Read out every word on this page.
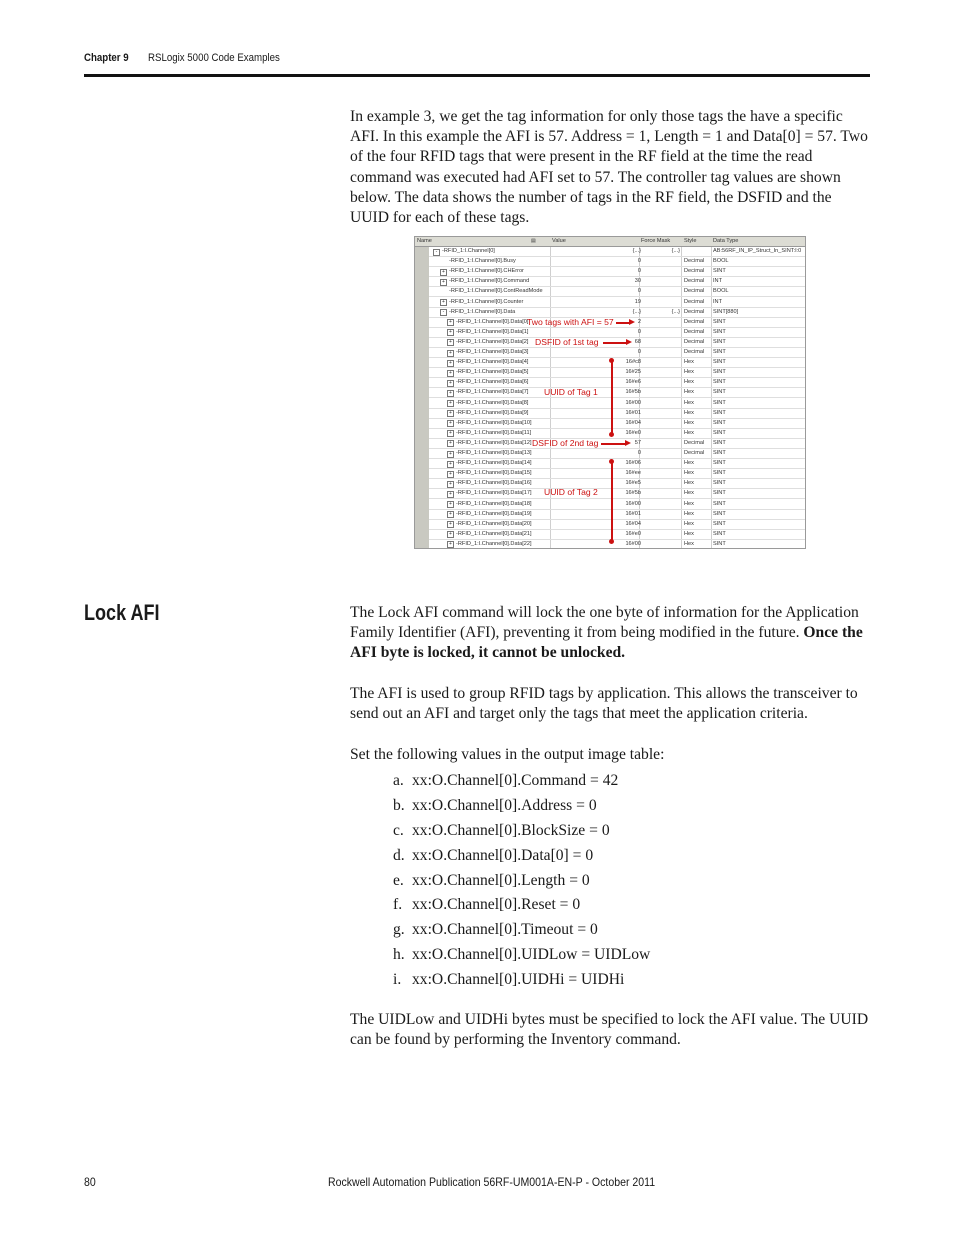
Chapter 9 RSLogix 5000 Code Examples
In example 3, we get the tag information for only those tags the have a specific AFI. In this example the AFI is 57. Address = 1, Length = 1 and Data[0] = 57. Two of the four RFID tags that were present in the RF field at the time the read command was executed had AFI set to 57. The controller tag values are shown below. The data shows the number of tags in the RF field, the DSFID and the UUID for each of these tags.
Name	▤	Value	Force Mask Style	Data Type
- -RFID_1:I.Channel[0]	{...}	{...}	AB:56RF_IN_IP_Struct_In_SINT:I:0
-RFID_1:I.Channel[0].Busy	0	Decimal BOOL
+ -RFID_1:I.Channel[0].CHError	0	Decimal SINT
+ -RFID_1:I.Channel[0].Command	30	Decimal INT
-RFID_1:I.Channel[0].ContReadMode	0	Decimal BOOL
+ -RFID_1:I.Channel[0].Counter	19	Decimal INT
- -RFID_1:I.Channel[0].Data	{...}	{...} Decimal SINT[880]
+ -RFID_1:I.Channel[0].Data[0]	2	Decimal SINT
+ -RFID_1:I.Channel[0].Data[1]	0	Decimal SINT
+ -RFID_1:I.Channel[0].Data[2]	68	Decimal SINT
+ -RFID_1:I.Channel[0].Data[3]	0	Decimal SINT
+ -RFID_1:I.Channel[0].Data[4]	16#c8	Hex	SINT
+ -RFID_1:I.Channel[0].Data[5]	16#25	Hex	SINT
+ -RFID_1:I.Channel[0].Data[6]	16#e6	Hex	SINT
+ -RFID_1:I.Channel[0].Data[7]	16#5b	Hex	SINT
+ -RFID_1:I.Channel[0].Data[8]	16#00	Hex	SINT
+ -RFID_1:I.Channel[0].Data[9]	16#01	Hex	SINT
+ -RFID_1:I.Channel[0].Data[10]	16#04	Hex	SINT
+ -RFID_1:I.Channel[0].Data[11]	16#e0	Hex	SINT
+ -RFID_1:I.Channel[0].Data[12]	57	Decimal SINT
+ -RFID_1:I.Channel[0].Data[13]	0	Decimal SINT
+ -RFID_1:I.Channel[0].Data[14]	16#06	Hex	SINT
+ -RFID_1:I.Channel[0].Data[15]	16#ee	Hex	SINT
+ -RFID_1:I.Channel[0].Data[16]	16#e5	Hex	SINT
+ -RFID_1:I.Channel[0].Data[17]	16#5b	Hex	SINT
+ -RFID_1:I.Channel[0].Data[18]	16#00	Hex	SINT
+ -RFID_1:I.Channel[0].Data[19]	16#01	Hex	SINT
+ -RFID_1:I.Channel[0].Data[20]	16#04	Hex	SINT
+ -RFID_1:I.Channel[0].Data[21]	16#e0	Hex	SINT
+ -RFID_1:I.Channel[0].Data[22]	16#00	Hex	SINT
Two tags with AFI = 57
DSFID of 1st tag
UUID of Tag 1
DSFID of 2nd tag
UUID of Tag 2
Lock AFI	The Lock AFI command will lock the one byte of information for the Application Family Identifier (AFI), preventing it from being modified in the future. Once the AFI byte is locked, it cannot be unlocked.
The AFI is used to group RFID tags by application. This allows the transceiver to send out an AFI and target only the tags that meet the application criteria.
Set the following values in the output image table:
a. xx:O.Channel[0].Command = 42
b. xx:O.Channel[0].Address = 0
c. xx:O.Channel[0].BlockSize = 0
d. xx:O.Channel[0].Data[0] = 0
e. xx:O.Channel[0].Length = 0
f. xx:O.Channel[0].Reset = 0
g. xx:O.Channel[0].Timeout = 0
h. xx:O.Channel[0].UIDLow = UIDLow
i. xx:O.Channel[0].UIDHi = UIDHi
The UIDLow and UIDHi bytes must be specified to lock the AFI value. The UUID can be found by performing the Inventory command.
80	Rockwell Automation Publication 56RF-UM001A-EN-P - October 2011
